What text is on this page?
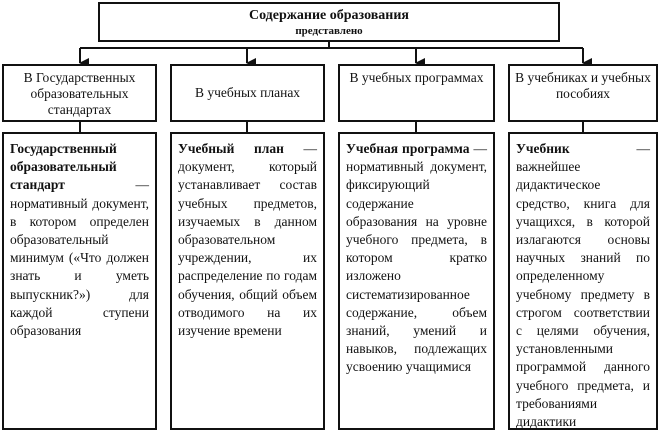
Содержание образования
представлено
В Государственных образовательных стандартах
В учебных планах
В учебных программах	В учебниках и учебных пособиях
Государственный образовательный стандарт — нормативный документ, в котором определен образовательный минимум («Что должен знать и уметь выпускник?») для каждой ступени образования
Учебный план — документ, который устанавливает состав учебных предметов, изучаемых в данном образовательном учреждении, их распределение по годам обучения, общий объем отводимого на их изучение времени
Учебная программа — нормативный документ, фиксирующий содержание образования на уровне учебного предмета, в котором кратко изложено систематизированное содержание, объем знаний, умений и навыков, подлежащих усвоению учащимися
Учебник — важнейшее дидактическое средство, книга для учащихся, в которой излагаются основы научных знаний по определенному учебному предмету в строгом соответствии с целями обучения, установленными программой данного учебного предмета, и требованиями дидактики
